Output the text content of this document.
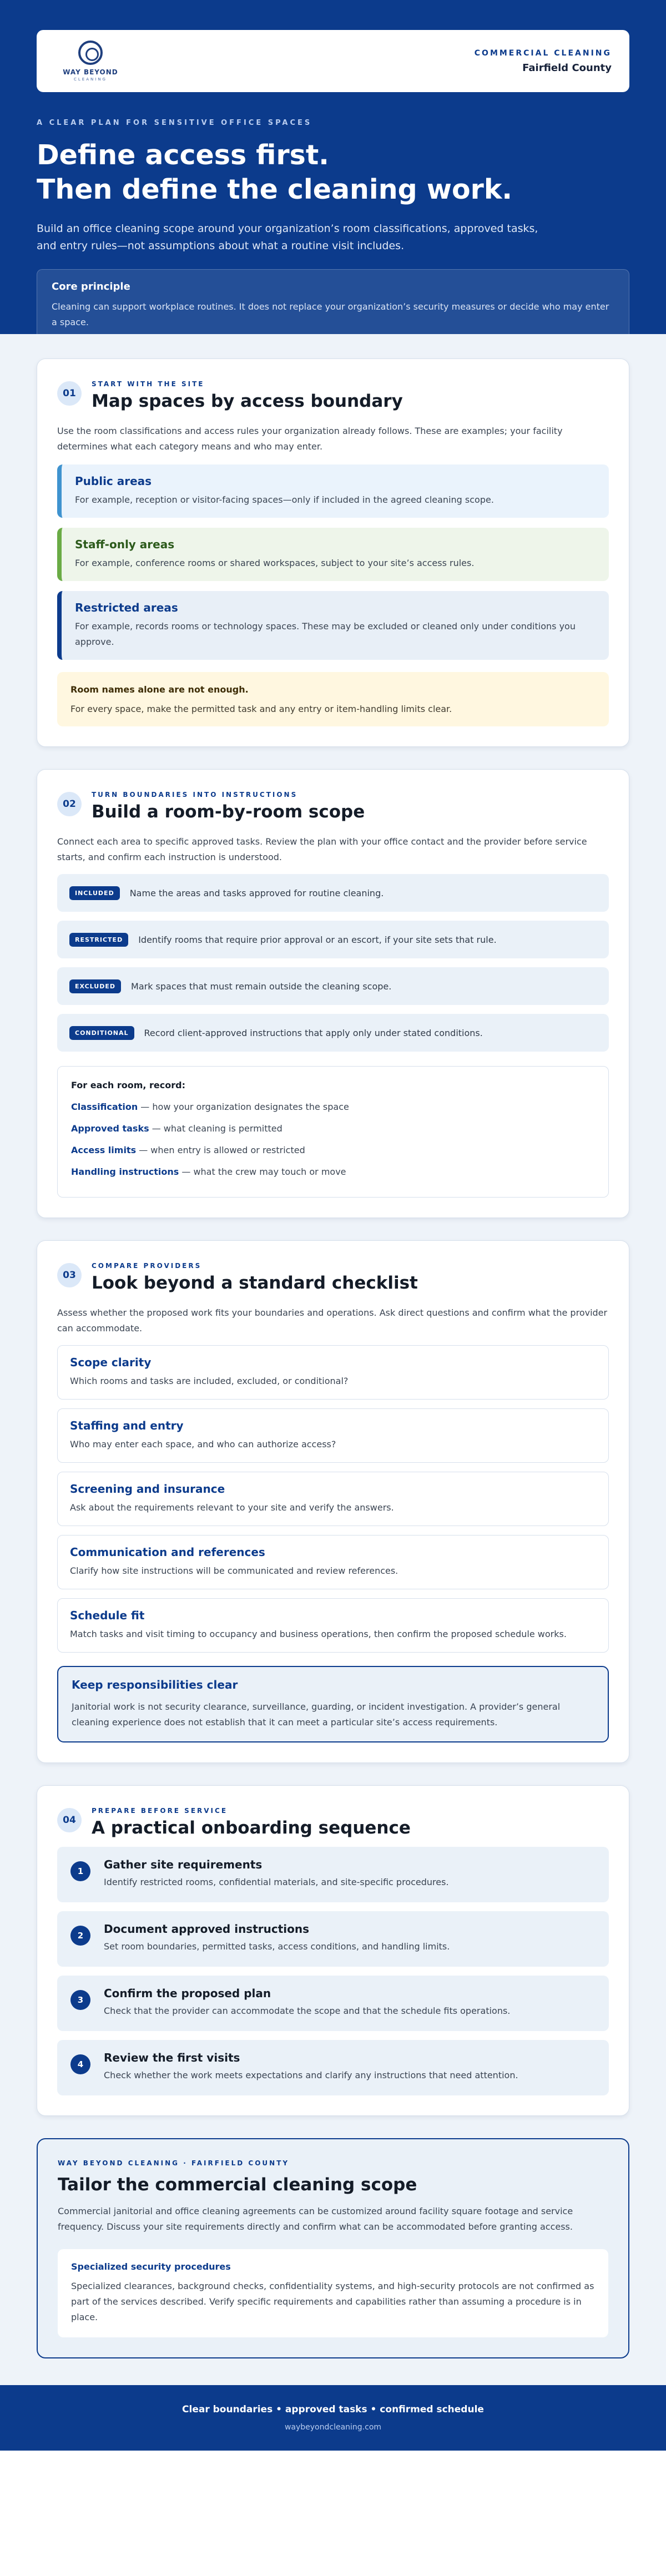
WAY BEYOND
CLEANING
COMMERCIAL CLEANING
Fairfield County
A CLEAR PLAN FOR SENSITIVE OFFICE SPACES
Define access first.
Then define the cleaning work.

Build an office cleaning scope around your organization’s room classifications, approved tasks, and entry rules—not assumptions about what a routine visit includes.

Core principle
Cleaning can support workplace routines. It does not replace your organization’s security measures or decide who may enter a space.
01
START WITH THE SITE
Map spaces by access boundary

Use the room classifications and access rules your organization already follows. These are examples; your facility determines what each category means and who may enter.

Public areas
For example, reception or visitor-facing spaces—only if included in the agreed cleaning scope.
Staff-only areas
For example, conference rooms or shared workspaces, subject to your site’s access rules.
Restricted areas
For example, records rooms or technology spaces. These may be excluded or cleaned only under conditions you approve.
Room names alone are not enough.
For every space, make the permitted task and any entry or item-handling limits clear.
02
TURN BOUNDARIES INTO INSTRUCTIONS
Build a room-by-room scope

Connect each area to specific approved tasks. Review the plan with your office contact and the provider before service starts, and confirm each instruction is understood.

INCLUDED	Name the areas and tasks approved for routine cleaning.
RESTRICTED	Identify rooms that require prior approval or an escort, if your site sets that rule.
EXCLUDED	Mark spaces that must remain outside the cleaning scope.
CONDITIONAL	Record client-approved instructions that apply only under stated conditions.
For each room, record:
Classification — how your organization designates the space
Approved tasks — what cleaning is permitted
Access limits — when entry is allowed or restricted
Handling instructions — what the crew may touch or move
03
COMPARE PROVIDERS
Look beyond a standard checklist

Assess whether the proposed work fits your boundaries and operations. Ask direct questions and confirm what the provider can accommodate.

Scope clarity
Which rooms and tasks are included, excluded, or conditional?
Staffing and entry
Who may enter each space, and who can authorize access?
Screening and insurance
Ask about the requirements relevant to your site and verify the answers.
Communication and references
Clarify how site instructions will be communicated and review references.
Schedule fit
Match tasks and visit timing to occupancy and business operations, then confirm the proposed schedule works.
Keep responsibilities clear
Janitorial work is not security clearance, surveillance, guarding, or incident investigation. A provider’s general cleaning experience does not establish that it can meet a particular site’s access requirements.
04
PREPARE BEFORE SERVICE
A practical onboarding sequence
1	Gather site requirements
Identify restricted rooms, confidential materials, and site-specific procedures.
2	Document approved instructions
Set room boundaries, permitted tasks, access conditions, and handling limits.
3	Confirm the proposed plan
Check that the provider can accommodate the scope and that the schedule fits operations.
4	Review the first visits
Check whether the work meets expectations and clarify any instructions that need attention.
WAY BEYOND CLEANING · FAIRFIELD COUNTY
Tailor the commercial cleaning scope

Commercial janitorial and office cleaning agreements can be customized around facility square footage and service frequency. Discuss your site requirements directly and confirm what can be accommodated before granting access.

Specialized security procedures
Specialized clearances, background checks, confidentiality systems, and high-security protocols are not confirmed as part of the services described. Verify specific requirements and capabilities rather than assuming a procedure is in place.
Clear boundaries • approved tasks • confirmed schedule
waybeyondcleaning.com
